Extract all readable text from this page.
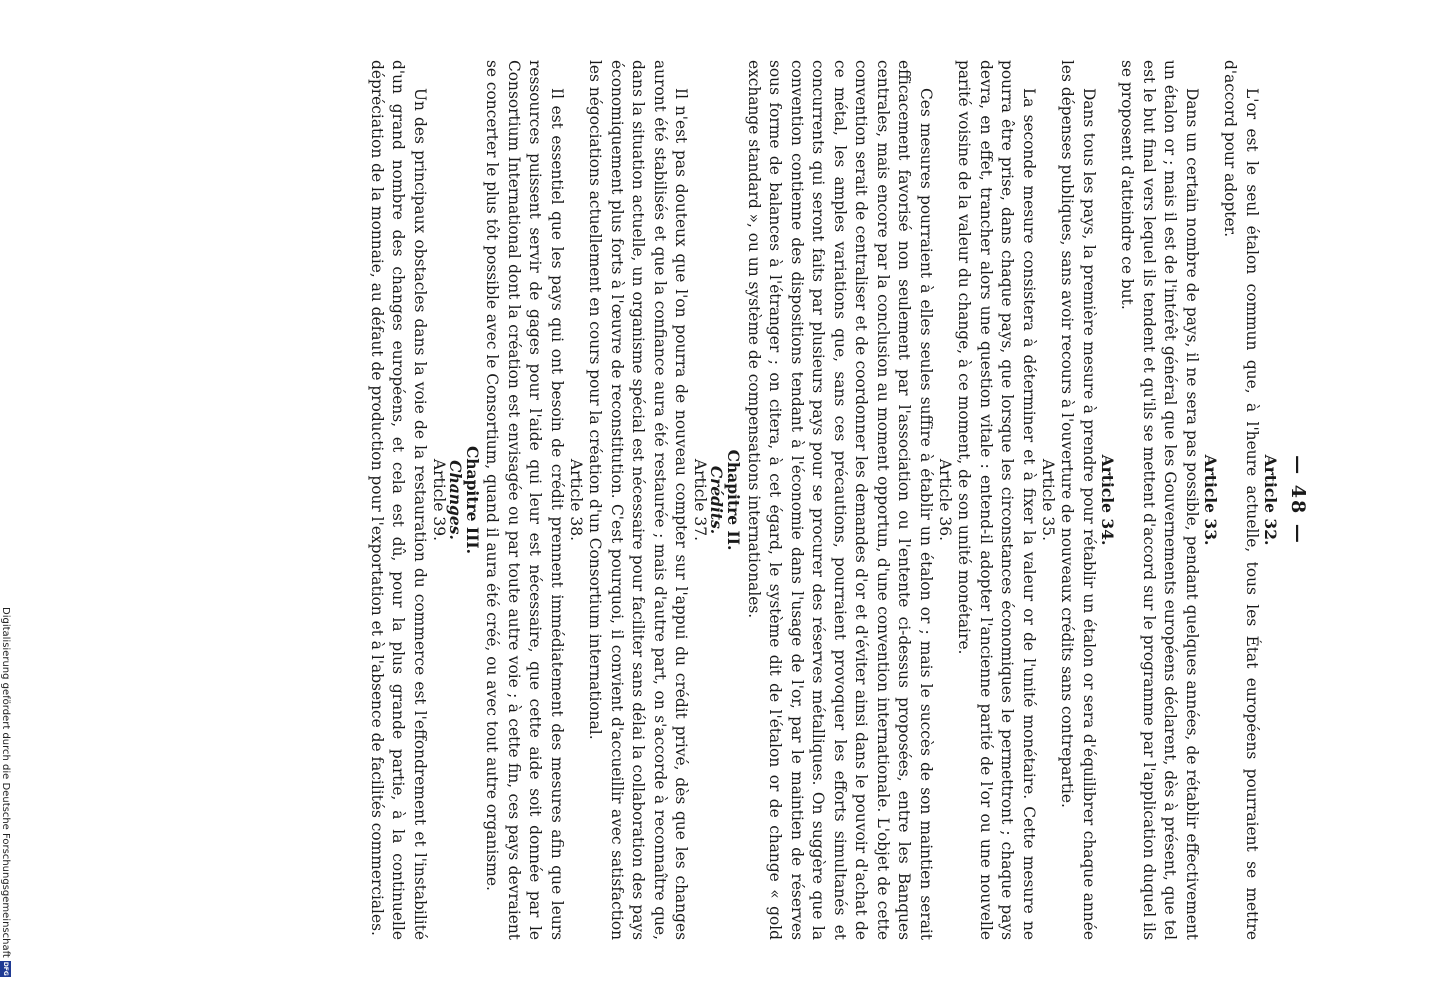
— 48 —
Article 32.

L'or est le seul étalon commun que, à l'heure actuelle, tous les État européens pourraient se mettre d'accord pour adopter.

Article 33.

Dans un certain nombre de pays, il ne sera pas possible, pendant quelques années, de rétablir effectivement un étalon or ; mais il est de l'intérêt général que les Gouvernements européens déclarent, dès à présent, que tel est le but final vers lequel ils tendent et qu'ils se mettent d'accord sur le programme par l'application duquel ils se proposent d'atteindre ce but.

Article 34.

Dans tous les pays, la première mesure à prendre pour rétablir un étalon or sera d'équilibrer chaque année les dépenses publiques, sans avoir recours à l'ouverture de nouveaux crédits sans contrepartie.

Article 35.

La seconde mesure consistera à déterminer et à fixer la valeur or de l'unité monétaire. Cette mesure ne pourra être prise, dans chaque pays, que lorsque les circonstances économiques le permettront ; chaque pays devra, en effet, trancher alors une question vitale : entend-il adopter l'ancienne parité de l'or ou une nouvelle parité voisine de la valeur du change, à ce moment, de son unité monétaire.

Article 36.

Ces mesures pourraient à elles seules suffire à établir un étalon or ; mais le succès de son maintien serait efficacement favorisé non seulement par l'association ou l'entente ci-dessus proposées, entre les Banques centrales, mais encore par la conclusion au moment opportun, d'une convention internationale. L'objet de cette convention serait de centraliser et de coordonner les demandes d'or et d'éviter ainsi dans le pouvoir d'achat de ce métal, les amples variations que, sans ces précautions, pourraient provoquer les efforts simultanés et concurrents qui seront faits par plusieurs pays pour se procurer des réserves métalliques. On suggère que la convention contienne des dispositions tendant à l'économie dans l'usage de l'or, par le maintien de réserves sous forme de balances à l'étranger ; on citera, à cet égard, le système dit de l'étalon or de change « gold exchange standard », ou un système de compensations internationales.

Chapitre II.
Crédits.
Article 37.

Il n'est pas douteux que l'on pourra de nouveau compter sur l'appui du crédit privé, dès que les changes auront été stabilisés et que la confiance aura été restaurée ; mais d'autre part, on s'accorde à reconnaître que, dans la situation actuelle, un organisme spécial est nécessaire pour faciliter sans délai la collaboration des pays économiquement plus forts à l'œuvre de reconstitution. C'est pourquoi, il convient d'accueillir avec satisfaction les négociations actuellement en cours pour la création d'un Consortium international.

Article 38.

Il est essentiel que les pays qui ont besoin de crédit prennent immédiatement des mesures afin que leurs ressources puissent servir de gages pour l'aide qui leur est nécessaire, que cette aide soit donnée par le Consortium International dont la création est envisagée ou par toute autre voie ; à cette fin, ces pays devraient se concerter le plus tôt possible avec le Consortium, quand il aura été créé, ou avec tout autre organisme.

Chapitre III.
Changes.
Article 39.

Un des principaux obstacles dans la voie de la restauration du commerce est l'effondrement et l'instabilité d'un grand nombre des changes européens, et cela est dû, pour la plus grande partie, à la continuelle dépréciation de la monnaie, au défaut de production pour l'exportation et à l'absence de facilités commerciales.

Digitalisierung gefördert durch die Deutsche Forschungsgemeinschaft
DFG
